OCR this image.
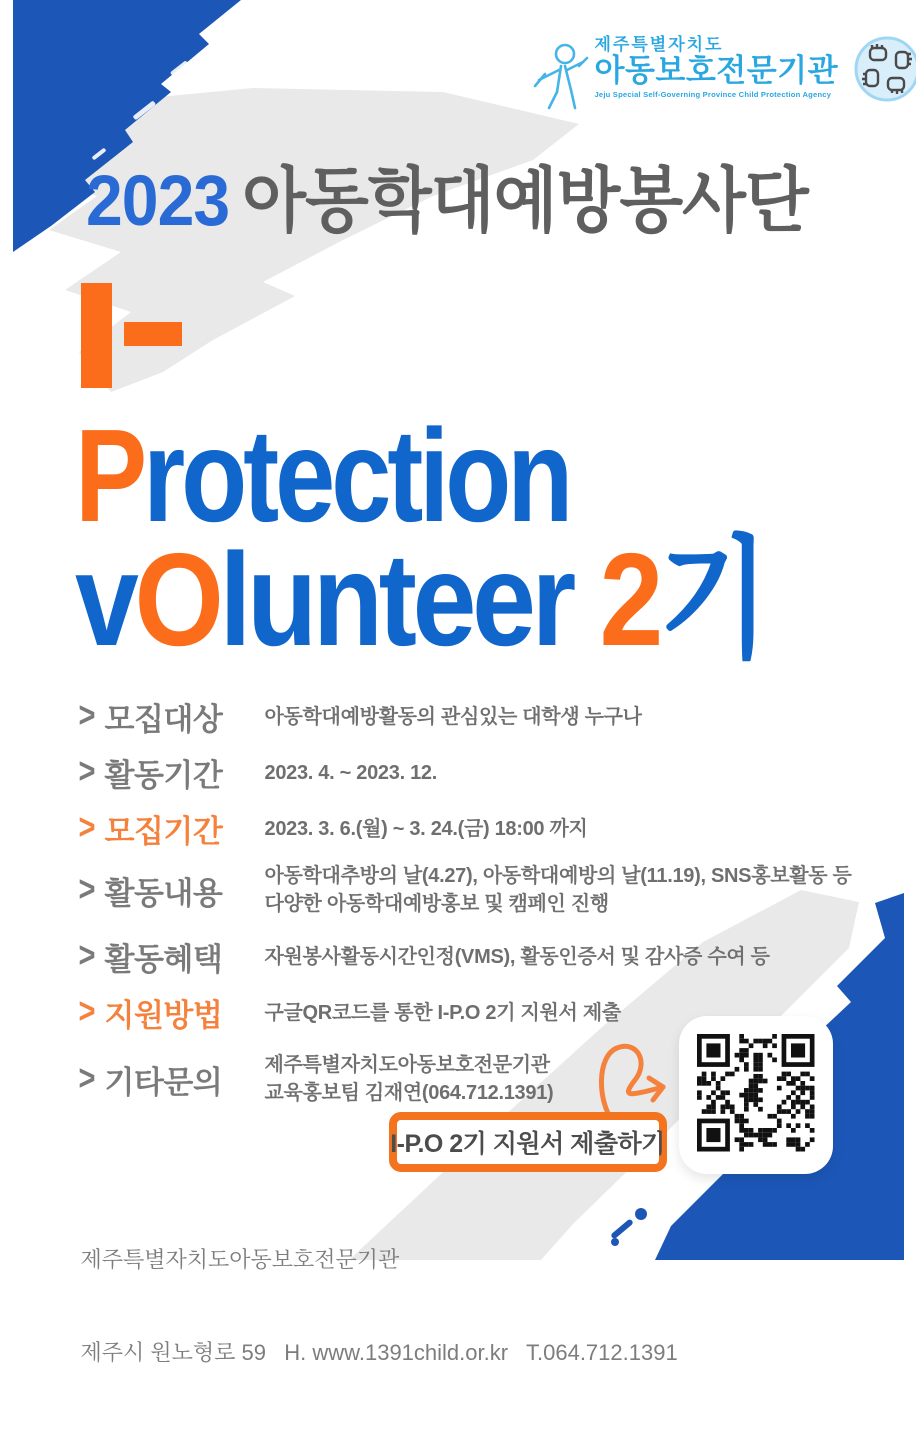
제주특별자치도
아동보호전문기관
Jeju Special Self-Governing Province Child Protection Agency
2023 아동학대예방봉사단
Protection
vOlunteer 2기
> 모집대상	아동학대예방활동의 관심있는 대학생 누구나
> 활동기간	2023. 4. ~ 2023. 12.
> 모집기간	2023. 3. 6.(월) ~ 3. 24.(금) 18:00 까지
> 활동내용	아동학대추방의 날(4.27), 아동학대예방의 날(11.19), SNS홍보활동 등
다양한 아동학대예방홍보 및 캠페인 진행
> 활동혜택	자원봉사활동시간인정(VMS), 활동인증서 및 감사증 수여 등
> 지원방법	구글QR코드를 통한 I-P.O 2기 지원서 제출
> 기타문의	제주특별자치도아동보호전문기관
교육홍보팀 김재연(064.712.1391)
I-P.O 2기 지원서 제출하기

제주특별자치도아동보호전문기관

제주시 원노형로 59   H. www.1391child.or.kr   T.064.712.1391
